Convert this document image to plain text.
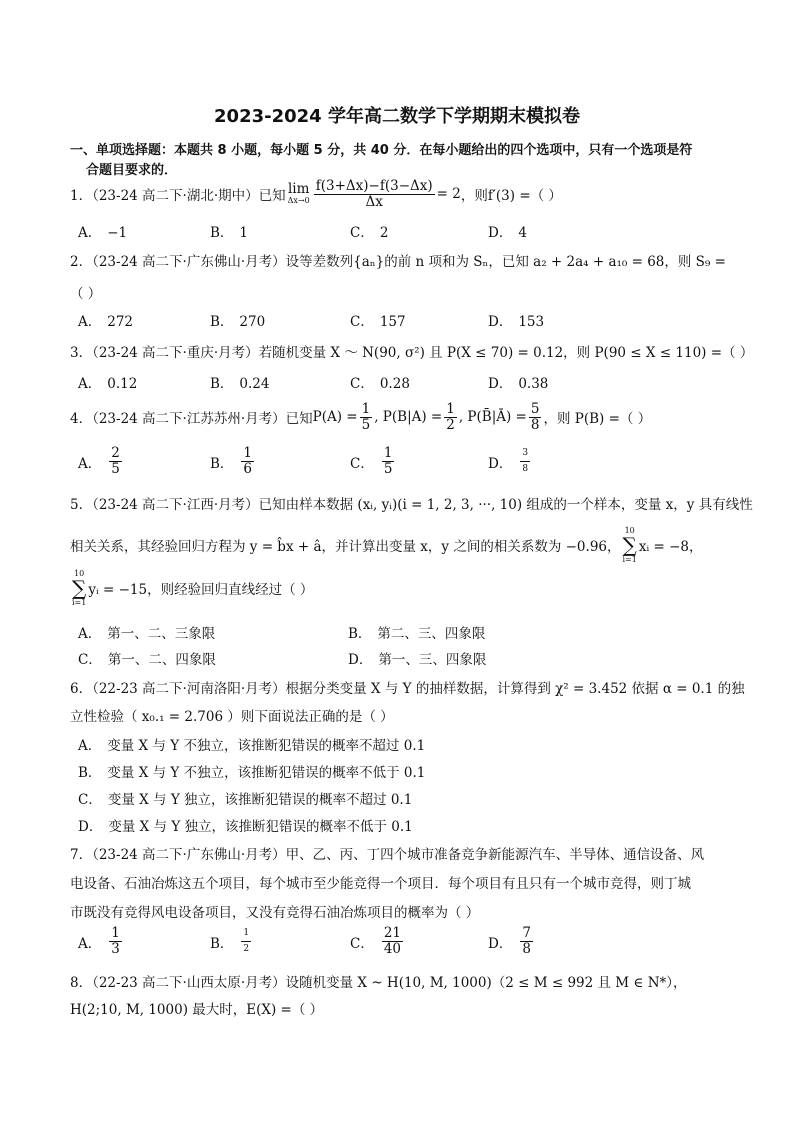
2023-2024 学年高二数学下学期期末模拟卷
一、单项选择题：本题共 8 小题，每小题 5 分，共 40 分．在每小题给出的四个选项中，只有一个选项是符
合题目要求的．
1．（23-24 高二下·湖北·期中）已知 lim
$\Delta x\to 0 \frac{f(3+\Delta x)-f(3-\Delta x)}{\Delta x} = 2$ ，则 f′(3) =（ ）
A． −1	B． 1	C． 2	D． 4
2．（23-24 高二下·广东佛山·月考）设等差数列{aₙ}的前 n 项和为 Sₙ，已知 a₂ + 2a₄ + a₁₀ = 68，则 S₉ =
（ ）
A． 272	B． 270	C． 157	D． 153
3．（23-24 高二下·重庆·月考）若随机变量 X ～ N(90, σ²) 且 P(X ≤ 70) = 0.12，则 P(90 ≤ X ≤ 110) =（ ）
A． 0.12	B． 0.24	C． 0.28	D． 0.38
4．（23-24 高二下·江苏苏州·月考）已知 $P(A) = \frac{1}{5}$ , $P(B|A) = \frac{1}{2}$ , P(B̄|Ā) = $\frac{5}{8}$ ，则 P(B) =（ ）
A． $\frac{2}{5}$	B． $\frac{1}{6}$	C． $\frac{1}{5}$	D． $\frac{3}{8}$
5．（23-24 高二下·江西·月考）已知由样本数据 (xᵢ, yᵢ)(i = 1, 2, 3, ···, 10) 组成的一个样本，变量 x，y 具有线性
相关关系，其经验回归方程为 y = b̂x + â，并计算出变量 x，y 之间的相关系数为 −0.96，
10
∑
i=1
xᵢ = −8，
10
∑
i=1
yᵢ = −15，则经验回归直线经过（ ）
A． 第一、二、三象限	B． 第二、三、四象限
C． 第一、二、四象限	D． 第一、三、四象限
6．（22-23 高二下·河南洛阳·月考）根据分类变量 X 与 Y 的抽样数据，计算得到 χ² = 3.452 依据 α = 0.1 的独
立性检验（ x₀.₁ = 2.706 ）则下面说法正确的是（ ）
A． 变量 X 与 Y 不独立，该推断犯错误的概率不超过 0.1
B． 变量 X 与 Y 不独立，该推断犯错误的概率不低于 0.1
C． 变量 X 与 Y 独立，该推断犯错误的概率不超过 0.1
D． 变量 X 与 Y 独立，该推断犯错误的概率不低于 0.1
7．（23-24 高二下·广东佛山·月考）甲、乙、丙、丁四个城市准备竞争新能源汽车、半导体、通信设备、风
电设备、石油冶炼这五个项目，每个城市至少能竞得一个项目．每个项目有且只有一个城市竞得，则丁城
市既没有竞得风电设备项目，又没有竞得石油冶炼项目的概率为（ ）
A． $\frac{1}{3}$	B． $\frac{1}{2}$	C． $\frac{21}{40}$	D． $\frac{7}{8}$
8．（22-23 高二下·山西太原·月考）设随机变量 X ~ H(10, M, 1000)（2 ≤ M ≤ 992 且 M ∈ N*），
H(2;10, M, 1000) 最大时，E(X) =（ ）
